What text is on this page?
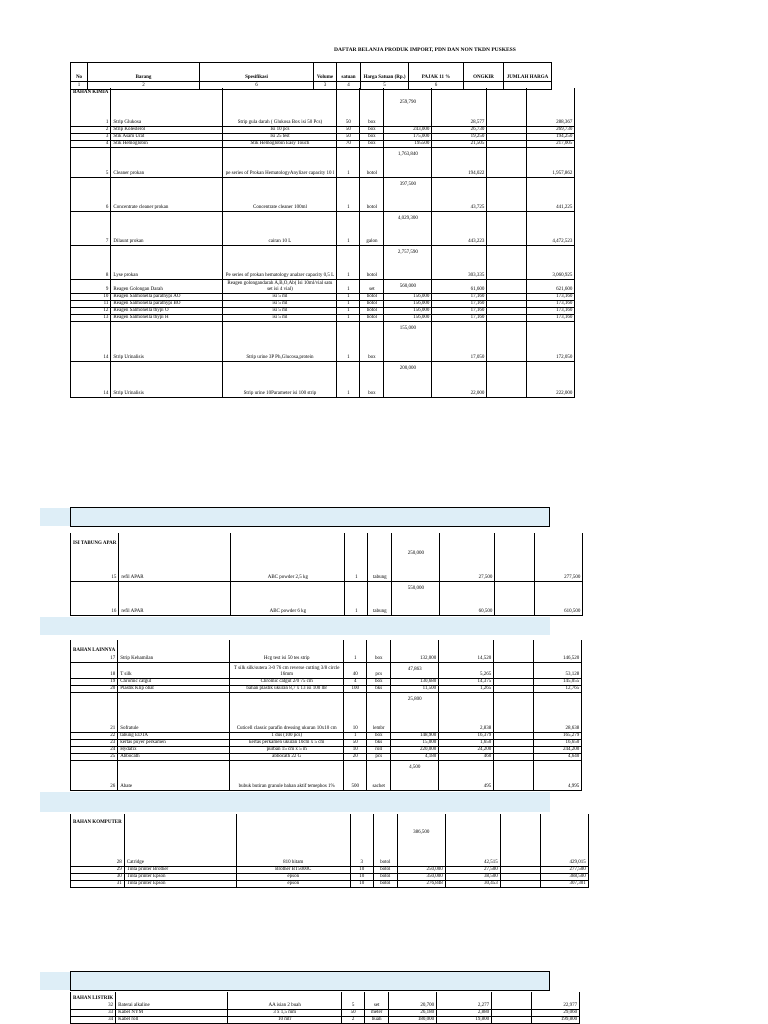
DAFTAR BELANJA PRODUK IMPORT, PDN DAN NON TKDN PUSKESS
No	Barang	Spesifikasi	Volume	satuan	Harga Satuan (Rp.)	PAJAK 11 %	ONGKIR	JUMLAH HARGA
1	2	6	3	4	5	6		
BAHAN KIMIA								
1	Strip Glukosa	Strip gula darah ( Glukosa Box isi 50 Pcs)	50	box	259,790	28,577		288,367
2	Strip Kolesterol	Isi 10 pcs	50	box	243,000	26,730		269,730
3	Stik Asam Urat	Isi 25 test	50	box	175,000	19,250		194,250
4	Stik Hemoglobin	Stik Hemoglobin Easy Touch	70	box	195500	21,505		217,005
5	Cleaner prokan	pe series of Prokan HematologyAnylizer capacity 10 l	1	botol	1,763,840	194,022		1,957,862
6	Concentrate cleaner prokan	Concentrate cleaner 100ml	1	botol	397,500	43,725		441,225
7	Dilaunt prokan	cairan 10 L	1	galon	4,029,300	443,223		4,472,523
8	Lyse prokan	Pe series of prokan hematology analzer capacity 0,5 L	1	botol	2,757,590	303,335		3,060,925
9	Reagen Golongan Darah	Reagen golongandarah A,B,O,Ab( Isi 10ml/vial satu set isi 4 vial)	1	set	560,000	61,600		621,600
10	Reagen Salmonella parathypi AO	isi 5 ml	1	botol	156,000	17,160		173,160
11	Reagen Salmonella parathypi BO	isi 5 ml	1	botol	156,000	17,160		173,160
12	Reagen Salmonella thypi O	isi 5 ml	1	botol	156,000	17,160		173,160
13	Reagen Salmonella thypi H	isi 5 ml	1	botol	156,000	17,160		173,160
14	Strip Urinalisis	Strip urine 3P Ph,Glucosa,protein	1	box	155,000	17,050		172,050
14	Strip Urinalisis	Strip urine 10Parameter isi 100 strip	1	box	200,000	22,000		222,000
ISI TABUNG APAR								
15	refil APAR	ABC powder 2,5 kg	1	tabung	250,000	27,500		277,500
16	refil APAR	ABC powder 6 kg	1	tabung	550,000	60,500		610,500
BAHAN LAINNYA								
17	Strip Kehamilan	Hcg test isi 50 tes strip	1	box	132,000	14,520		146,520
18	T silk	T silk silk/sutera 3-0 76 cm reverse cutting 3/8 circle 16mm	40	pcs	47,863	5,265		53,128
19	Chromic catgut	Chromic catgut 2/0 75 cm	4	box	130,680	14,375		145,055
20	Plastik Klip obat	bahan plastik ukuran 8,7 x 13 isi 100 lbr	100	bks	11,500	1,265		12,765
21	Sofratule	Cuticell classic parafin dressing ukuran 10x10 cm	10	lembr	25,800	2,838		28,638
22	tabung EDTA	1 dus (100 pcs)	1	box	148,900	16,379		165,279
23	kertas puyer perkamen	kertas perkamen ukuran 10cm x 5 cm	50	bks	15,000	1,650		16,650
24	Hydafix	purban 15 cm x 5 m	10	roll	220,000	24,200		244,200
25	Abbocath	abbocath 22 G	20	pcs	4,180	460		4,640
26	Abate	bubuk butiran granule bahan aktif temephos 1%	500	sachet	4,500	495		4,995
BAHAN KOMPUTER								
28	Catridge	810 hitam	3	botol	386,500	42,515		429,015
29	Tinta printer Brother	Brother BT5000C	10	botol	250,000	27,500		277,500
30	Tinta printer Epson	epson	10	botol	350,000	38,500		388,500
31	Tinta printer Epson	epson	10	botol	276,848	30,453		307,301
BAHAN LISTRIK								
32	Baterai alkaline	AA isian 2 buah	5	set	20,700	2,277		22,977
33	Kabel NYM	3 x 1,5 mm	50	meter	26,180	2,880		29,060
34	Kabel roll	10 mtr	2	buah	180,000	19,800		199,800
